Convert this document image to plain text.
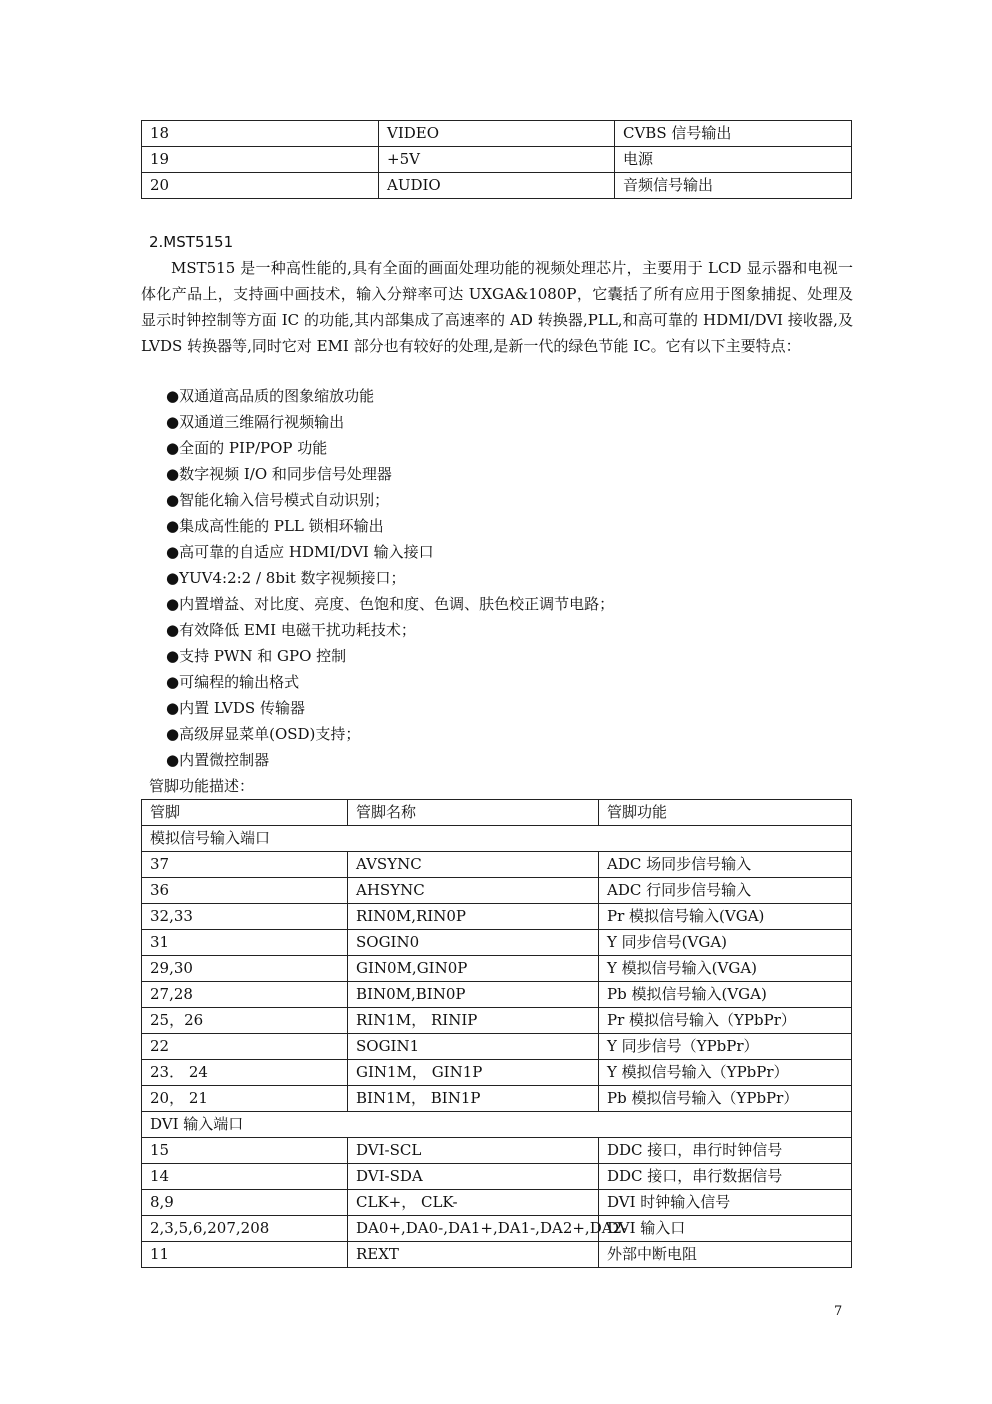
18	VIDEO	CVBS 信号输出
19	+5V	电源
20	AUDIO	音频信号输出
2.MST5151

MST515 是一种高性能的,具有全面的画面处理功能的视频处理芯片，主要用于 LCD 显示器和电视一体化产品上，支持画中画技术，输入分辩率可达 UXGA&1080P，它囊括了所有应用于图象捕捉、处理及显示时钟控制等方面 IC 的功能,其内部集成了高速率的 AD 转换器,PLL,和高可靠的 HDMI/DVI 接收器,及 LVDS 转换器等,同时它对 EMI 部分也有较好的处理,是新一代的绿色节能 IC。它有以下主要特点：

●双通道高品质的图象缩放功能
●双通道三维隔行视频输出
●全面的 PIP/POP 功能
●数字视频 I/O 和同步信号处理器
●智能化输入信号模式自动识别；
●集成高性能的 PLL 锁相环输出
●高可靠的自适应 HDMI/DVI 输入接口
●YUV4:2:2 / 8bit 数字视频接口；
●内置增益、对比度、亮度、色饱和度、色调、肤色校正调节电路；
●有效降低 EMI 电磁干扰功耗技术；
●支持 PWN 和 GPO 控制
●可编程的输出格式
●内置 LVDS 传输器
●高级屏显菜单(OSD)支持；
●内置微控制器
管脚功能描述：
管脚	管脚名称	管脚功能
模拟信号输入端口		
37	AVSYNC	ADC 场同步信号输入
36	AHSYNC	ADC 行同步信号输入
32,33	RIN0M,RIN0P	Pr 模拟信号输入(VGA)
31	SOGIN0	Y 同步信号(VGA)
29,30	GIN0M,GIN0P	Y 模拟信号输入(VGA)
27,28	BIN0M,BIN0P	Pb 模拟信号输入(VGA)
25，26	RIN1M， RINIP	Pr 模拟信号输入（YPbPr）
22	SOGIN1	Y 同步信号（YPbPr）
23． 24	GIN1M， GIN1P	Y 模拟信号输入（YPbPr）
20， 21	BIN1M， BIN1P	Pb 模拟信号输入（YPbPr）
DVI 输入端口		
15	DVI-SCL	DDC 接口，串行时钟信号
14	DVI-SDA	DDC 接口，串行数据信号
8,9	CLK+， CLK-	DVI 时钟输入信号
2,3,5,6,207,208	DA0+,DA0-,DA1+,DA1-,DA2+,DA2-	DVI 输入口
11	REXT	外部中断电阻
7
